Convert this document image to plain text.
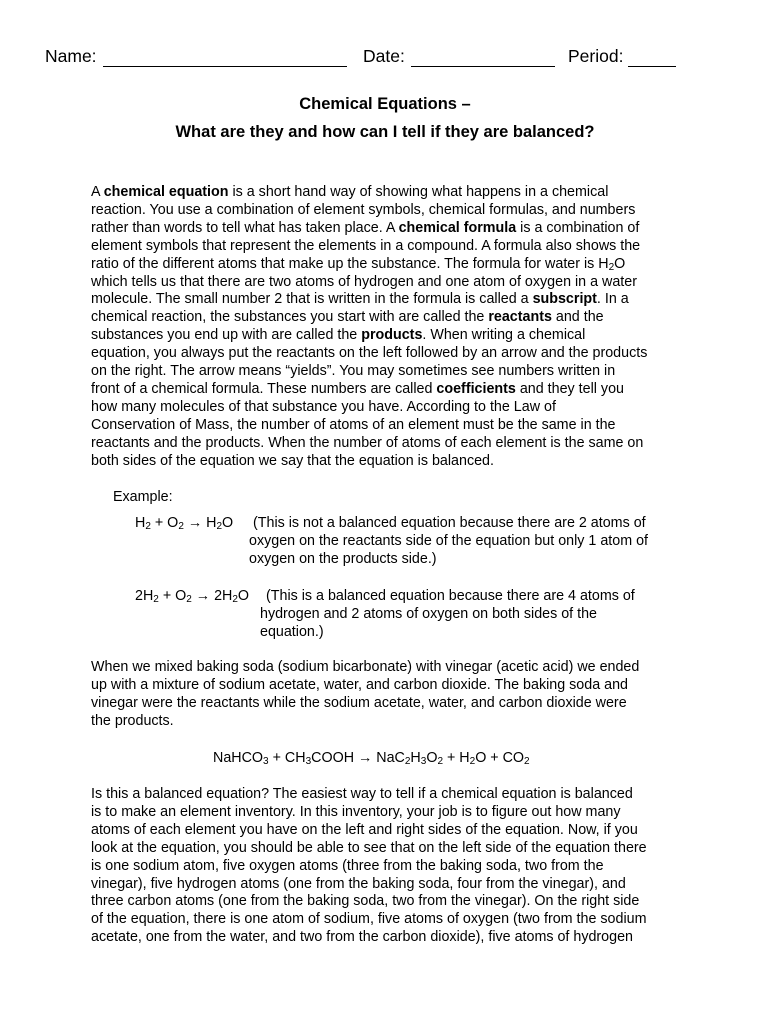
Name:	Date:	Period:
Chemical Equations –
What are they and how can I tell if they are balanced?
A chemical equation is a short hand way of showing what happens in a chemical
reaction. You use a combination of element symbols, chemical formulas, and numbers
rather than words to tell what has taken place. A chemical formula is a combination of
element symbols that represent the elements in a compound. A formula also shows the
ratio of the different atoms that make up the substance. The formula for water is $H_2O$
which tells us that there are two atoms of hydrogen and one atom of oxygen in a water
molecule. The small number 2 that is written in the formula is called a subscript. In a
chemical reaction, the substances you start with are called the reactants and the
substances you end up with are called the products. When writing a chemical
equation, you always put the reactants on the left followed by an arrow and the products
on the right. The arrow means “yields”. You may sometimes see numbers written in
front of a chemical formula. These numbers are called coefficients and they tell you
how many molecules of that substance you have. According to the Law of
Conservation of Mass, the number of atoms of an element must be the same in the
reactants and the products. When the number of atoms of each element is the same on
both sides of the equation we say that the equation is balanced.
Example:
$H_2 + O_2 \to H_2O$ (This is not a balanced equation because there are 2 atoms of
oxygen on the reactants side of the equation but only 1 atom of
oxygen on the products side.)
$2H_2 + O_2 \to 2H_2O$ (This is a balanced equation because there are 4 atoms of
hydrogen and 2 atoms of oxygen on both sides of the
equation.)
When we mixed baking soda (sodium bicarbonate) with vinegar (acetic acid) we ended
up with a mixture of sodium acetate, water, and carbon dioxide. The baking soda and
vinegar were the reactants while the sodium acetate, water, and carbon dioxide were
the products.
NaHCO$_3$ + $CH_3COOH \to NaC_2H_3O_2 + H_2O + CO_2$
Is this a balanced equation? The easiest way to tell if a chemical equation is balanced
is to make an element inventory. In this inventory, your job is to figure out how many
atoms of each element you have on the left and right sides of the equation. Now, if you
look at the equation, you should be able to see that on the left side of the equation there
is one sodium atom, five oxygen atoms (three from the baking soda, two from the
vinegar), five hydrogen atoms (one from the baking soda, four from the vinegar), and
three carbon atoms (one from the baking soda, two from the vinegar). On the right side
of the equation, there is one atom of sodium, five atoms of oxygen (two from the sodium
acetate, one from the water, and two from the carbon dioxide), five atoms of hydrogen
